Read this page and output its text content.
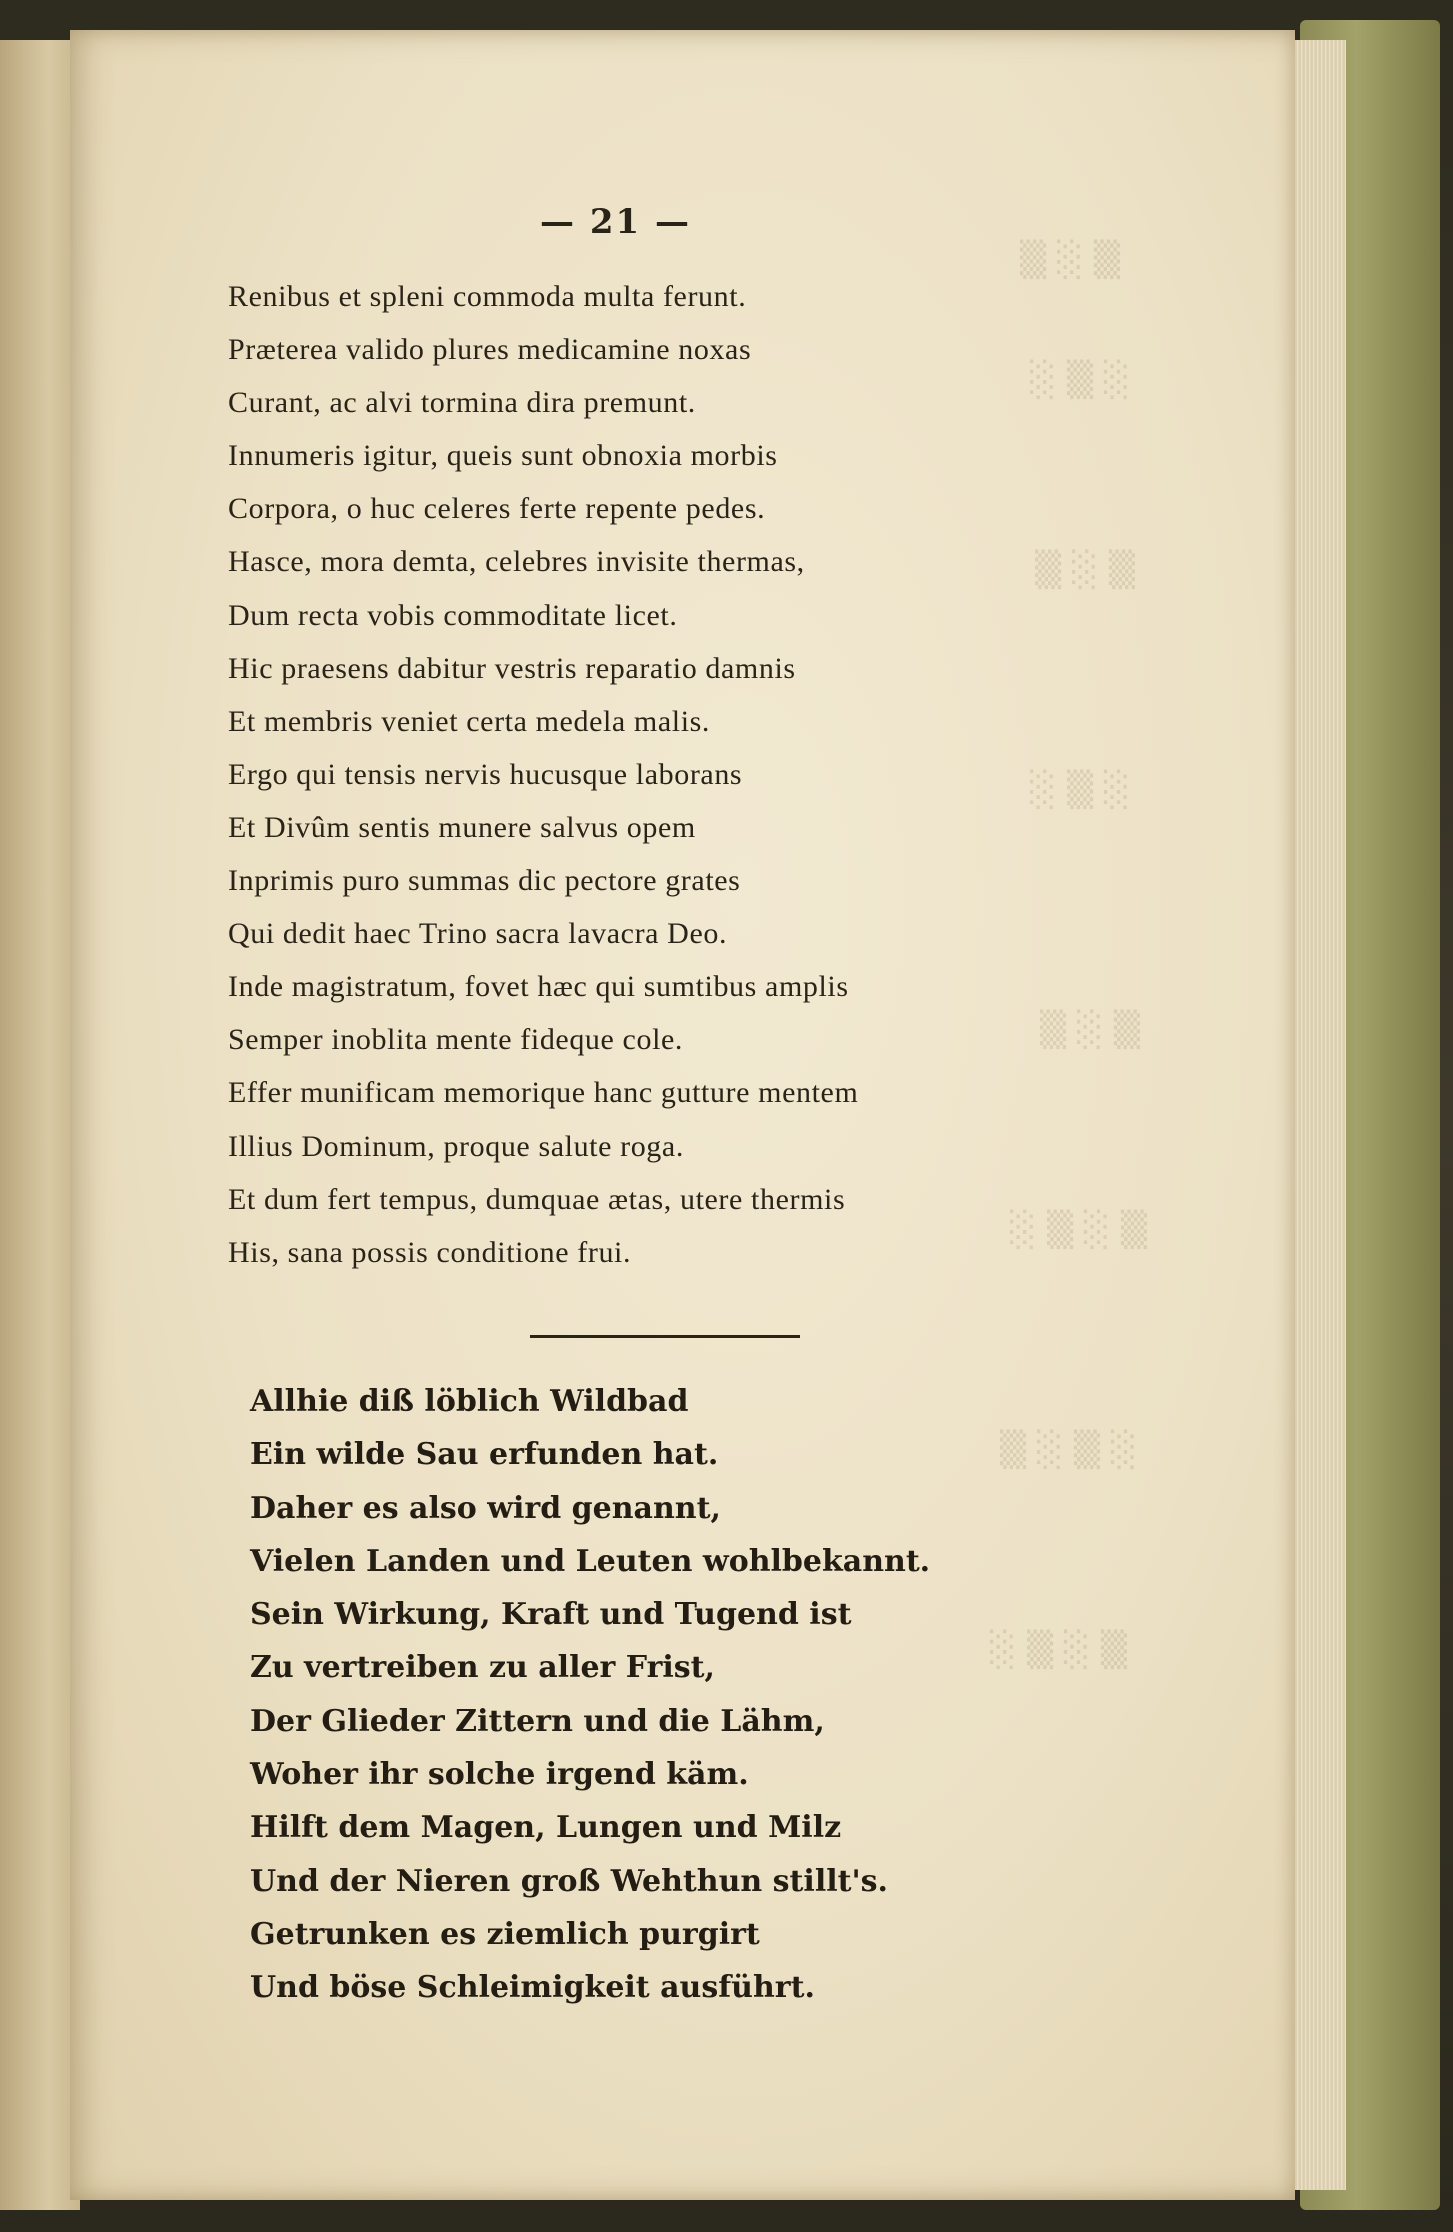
▒ ░ ▒
░ ▒ ░
▒ ░ ▒
░ ▒ ░
▒ ░ ▒
░ ▒ ░ ▒
▒ ░ ▒ ░
░ ▒ ░ ▒
— 21 —
Renibus et spleni commoda multa ferunt.
Præterea valido plures medicamine noxas
Curant, ac alvi tormina dira premunt.
Innumeris igitur, queis sunt obnoxia morbis
Corpora, o huc celeres ferte repente pedes.
Hasce, mora demta, celebres invisite thermas,
Dum recta vobis commoditate licet.
Hic praesens dabitur vestris reparatio damnis
Et membris veniet certa medela malis.
Ergo qui tensis nervis hucusque laborans
Et Divûm sentis munere salvus opem
Inprimis puro summas dic pectore grates
Qui dedit haec Trino sacra lavacra Deo.
Inde magistratum, fovet hæc qui sumtibus amplis
Semper inoblita mente fideque cole.
Effer munificam memorique hanc gutture mentem
Illius Dominum, proque salute roga.
Et dum fert tempus, dumquae ætas, utere thermis
His, sana possis conditione frui.
Allhie diß löblich Wildbad
Ein wilde Sau erfunden hat.
Daher es also wird genannt,
Vielen Landen und Leuten wohlbekannt.
Sein Wirkung, Kraft und Tugend ist
Zu vertreiben zu aller Frist,
Der Glieder Zittern und die Lähm,
Woher ihr solche irgend käm.
Hilft dem Magen, Lungen und Milz
Und der Nieren groß Wehthun stillt's.
Getrunken es ziemlich purgirt
Und böse Schleimigkeit ausführt.
